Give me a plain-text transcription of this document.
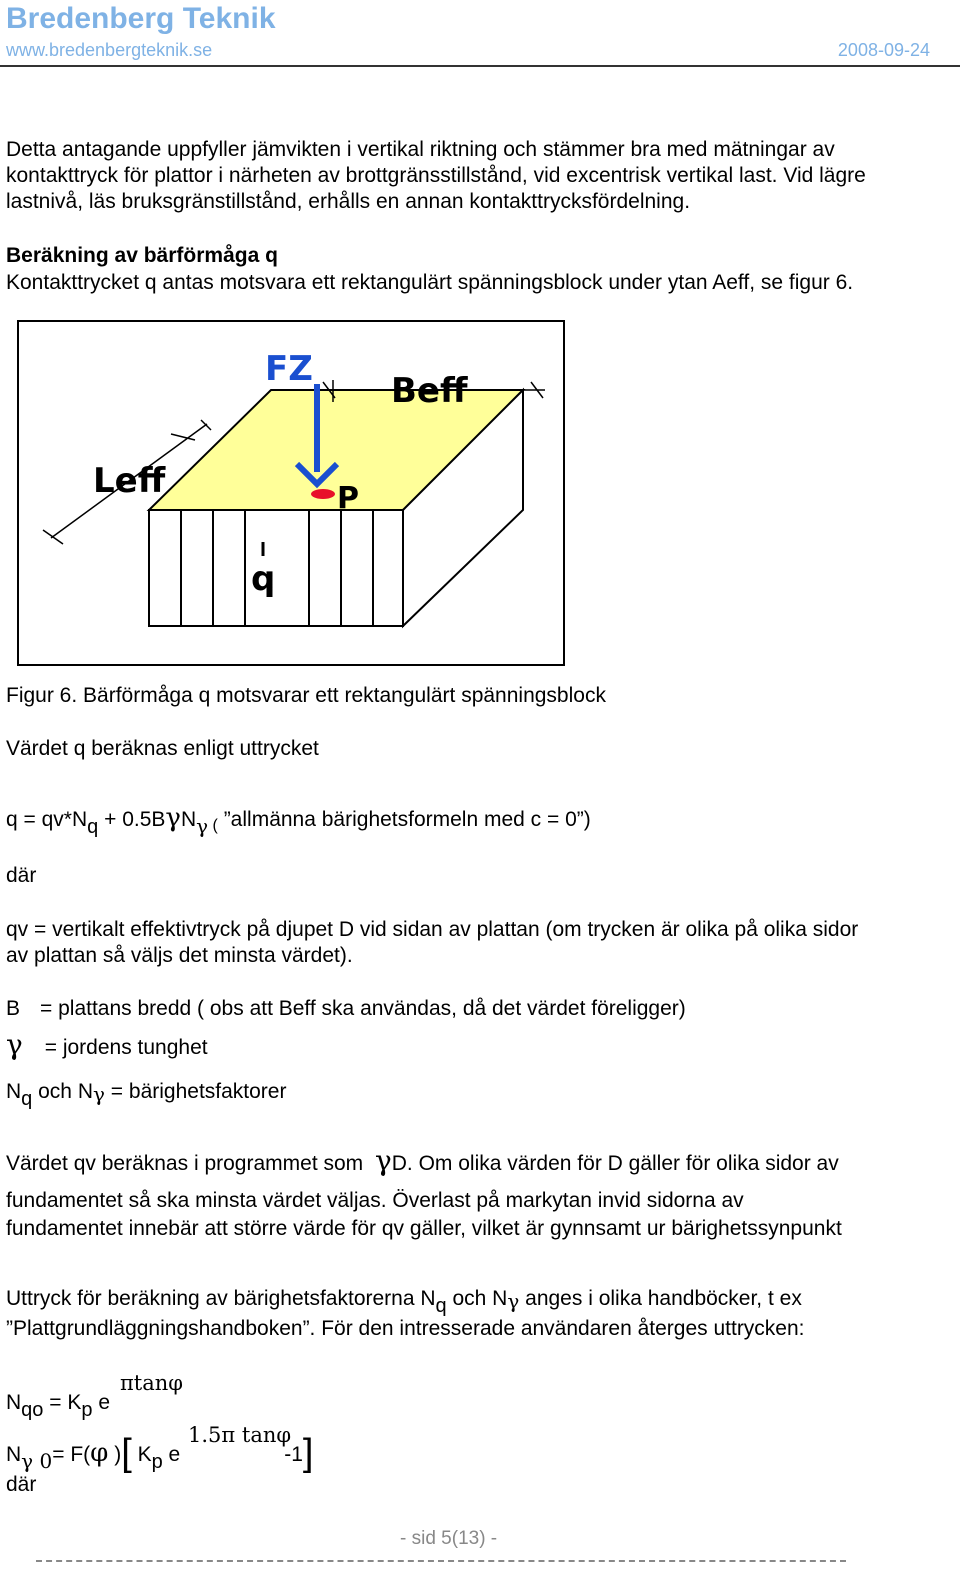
Bredenberg Teknik
www.bredenbergteknik.se	2008-09-24
Detta antagande uppfyller jämvikten i vertikal riktning och stämmer bra med mätningar av
kontakttryck för plattor i närheten av brottgränsstillstånd, vid excentrisk vertikal last. Vid lägre
lastnivå, läs bruksgränstillstånd, erhålls en annan kontakttrycksfördelning.
Beräkning av bärförmåga q
Kontakttrycket q antas motsvara ett rektangulärt spänningsblock under ytan Aeff, se figur 6.
FZ
Beff
Leff	P
q
Figur 6. Bärförmåga q motsvarar ett rektangulärt spänningsblock
Värdet q beräknas enligt uttrycket
q = qv*Nq + 0.5BγNγ ( ”allmänna bärighetsformeln med c = 0”)
där
qv = vertikalt effektivtryck på djupet D vid sidan av plattan (om trycken är olika på olika sidor
av plattan så väljs det minsta värdet).
B = plattans bredd ( obs att Beff ska användas, då det värdet föreligger)
γ = jordens tunghet
Nq och Nγ = bärighetsfaktorer
Värdet qv beräknas i programmet som γD. Om olika värden för D gäller för olika sidor av
fundamentet så ska minsta värdet väljas. Överlast på markytan invid sidorna av
fundamentet innebär att större värde för qv gäller, vilket är gynnsamt ur bärighetssynpunkt
Uttryck för beräkning av bärighetsfaktorerna Nq och Nγ anges i olika handböcker, t ex
”Plattgrundläggningshandboken”. För den intresserade användaren återges uttrycken:
πtanφ
Nqo = Kp e
1.5π tanφ
Nγ 0= F(φ )[ Kp e	-1]
där
- sid 5(13) -
